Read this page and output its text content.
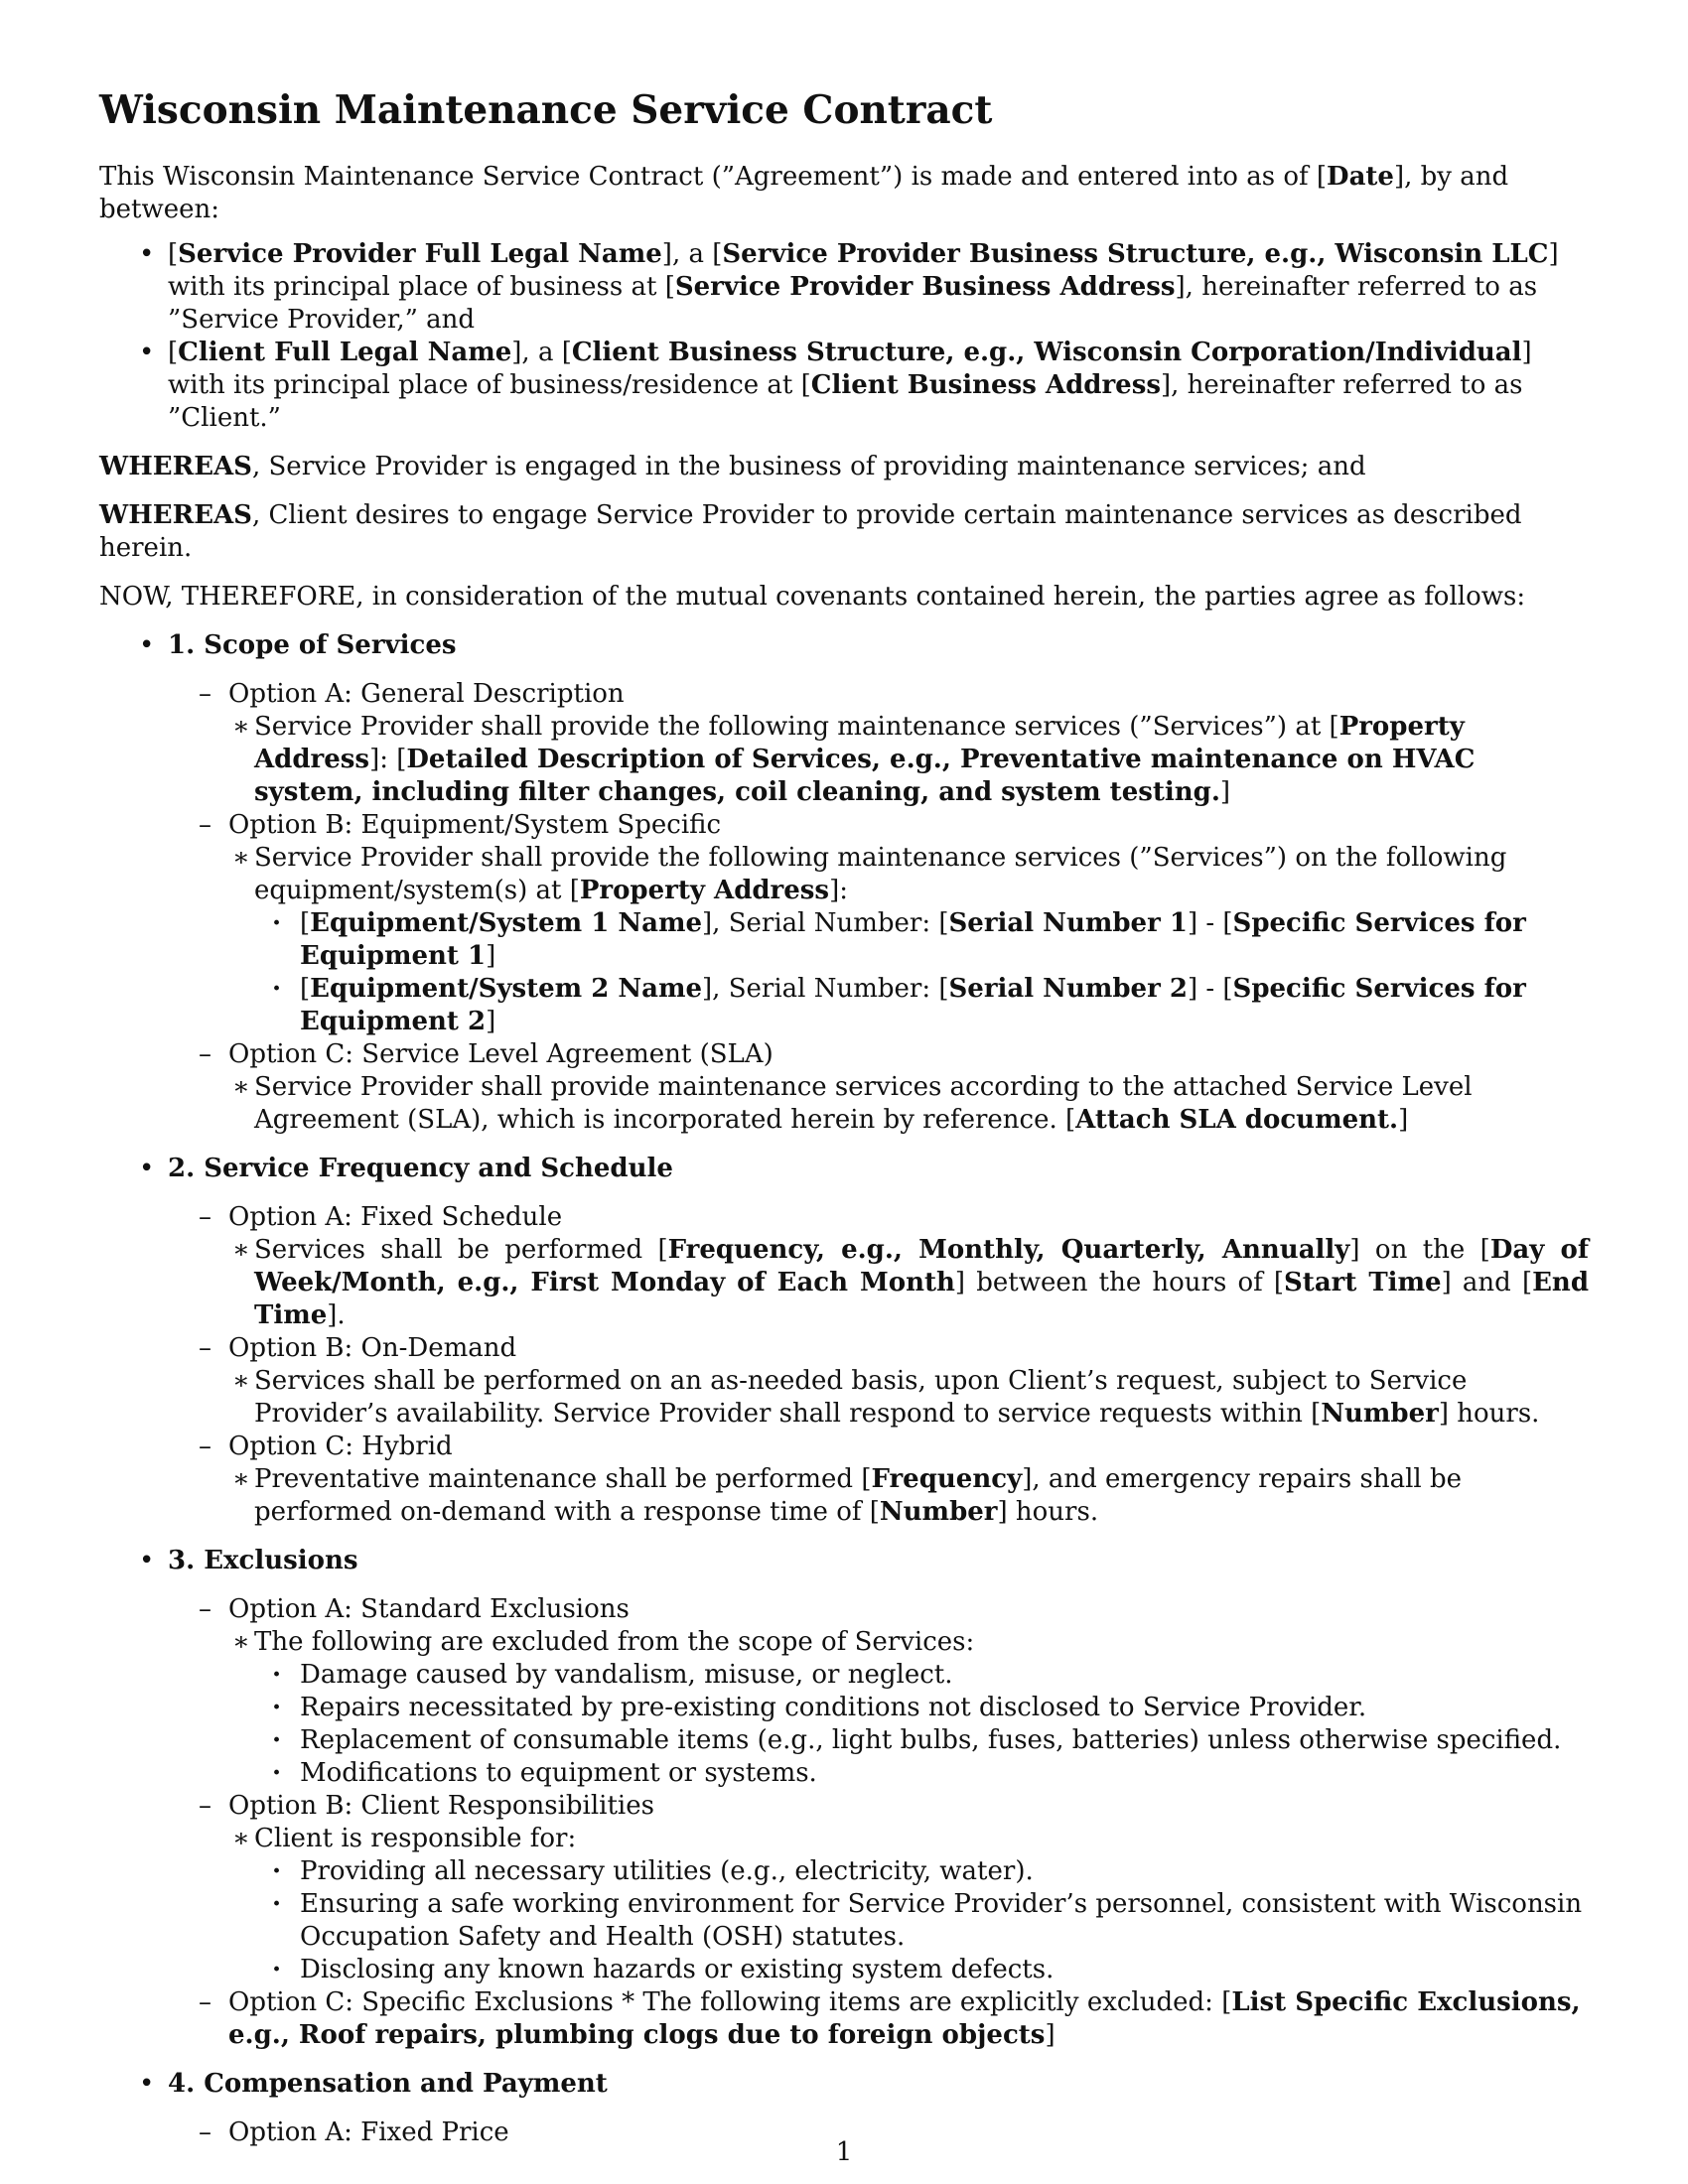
Wisconsin Maintenance Service Contract

This Wisconsin Maintenance Service Contract (”Agreement”) is made and entered into as of [Date], by and between:

• [Service Provider Full Legal Name], a [Service Provider Business Structure, e.g., Wisconsin LLC] with its principal place of business at [Service Provider Business Address], hereinafter referred to as ”Service Provider,” and
• [Client Full Legal Name], a [Client Business Structure, e.g., Wisconsin Corporation/Individual] with its principal place of business/residence at [Client Business Address], hereinafter referred to as ”Client.”

WHEREAS, Service Provider is engaged in the business of providing maintenance services; and

WHEREAS, Client desires to engage Service Provider to provide certain maintenance services as described herein.

NOW, THEREFORE, in consideration of the mutual covenants contained herein, the parties agree as follows:

• 1. Scope of Services
– Option A: General Description
∗ Service Provider shall provide the following maintenance services (”Services”) at [Property Address]: [Detailed Description of Services, e.g., Preventative maintenance on HVAC system, including filter changes, coil cleaning, and system testing.]
– Option B: Equipment/System Specific
∗ Service Provider shall provide the following maintenance services (”Services”) on the following equipment/system(s) at [Property Address]:
· [Equipment/System 1 Name], Serial Number: [Serial Number 1] - [Specific Services for Equipment 1]
· [Equipment/System 2 Name], Serial Number: [Serial Number 2] - [Specific Services for Equipment 2]
– Option C: Service Level Agreement (SLA)
∗ Service Provider shall provide maintenance services according to the attached Service Level Agreement (SLA), which is incorporated herein by reference. [Attach SLA document.]
• 2. Service Frequency and Schedule
– Option A: Fixed Schedule
∗ Services shall be performed [Frequency, e.g., Monthly, Quarterly, Annually] on the [Day of Week/Month, e.g., First Monday of Each Month] between the hours of [Start Time] and [End Time].
– Option B: On-Demand
∗ Services shall be performed on an as-needed basis, upon Client’s request, subject to Service Provider’s availability. Service Provider shall respond to service requests within [Number] hours.
– Option C: Hybrid
∗ Preventative maintenance shall be performed [Frequency], and emergency repairs shall be performed on-demand with a response time of [Number] hours.
• 3. Exclusions
– Option A: Standard Exclusions
∗ The following are excluded from the scope of Services:
· Damage caused by vandalism, misuse, or neglect.
· Repairs necessitated by pre-existing conditions not disclosed to Service Provider.
· Replacement of consumable items (e.g., light bulbs, fuses, batteries) unless otherwise specified.
· Modifications to equipment or systems.
– Option B: Client Responsibilities
∗ Client is responsible for:
· Providing all necessary utilities (e.g., electricity, water).
· Ensuring a safe working environment for Service Provider’s personnel, consistent with Wisconsin Occupation Safety and Health (OSH) statutes.
· Disclosing any known hazards or existing system defects.
– Option C: Specific Exclusions * The following items are explicitly excluded: [List Specific Exclusions, e.g., Roof repairs, plumbing clogs due to foreign objects]
• 4. Compensation and Payment
– Option A: Fixed Price
1
